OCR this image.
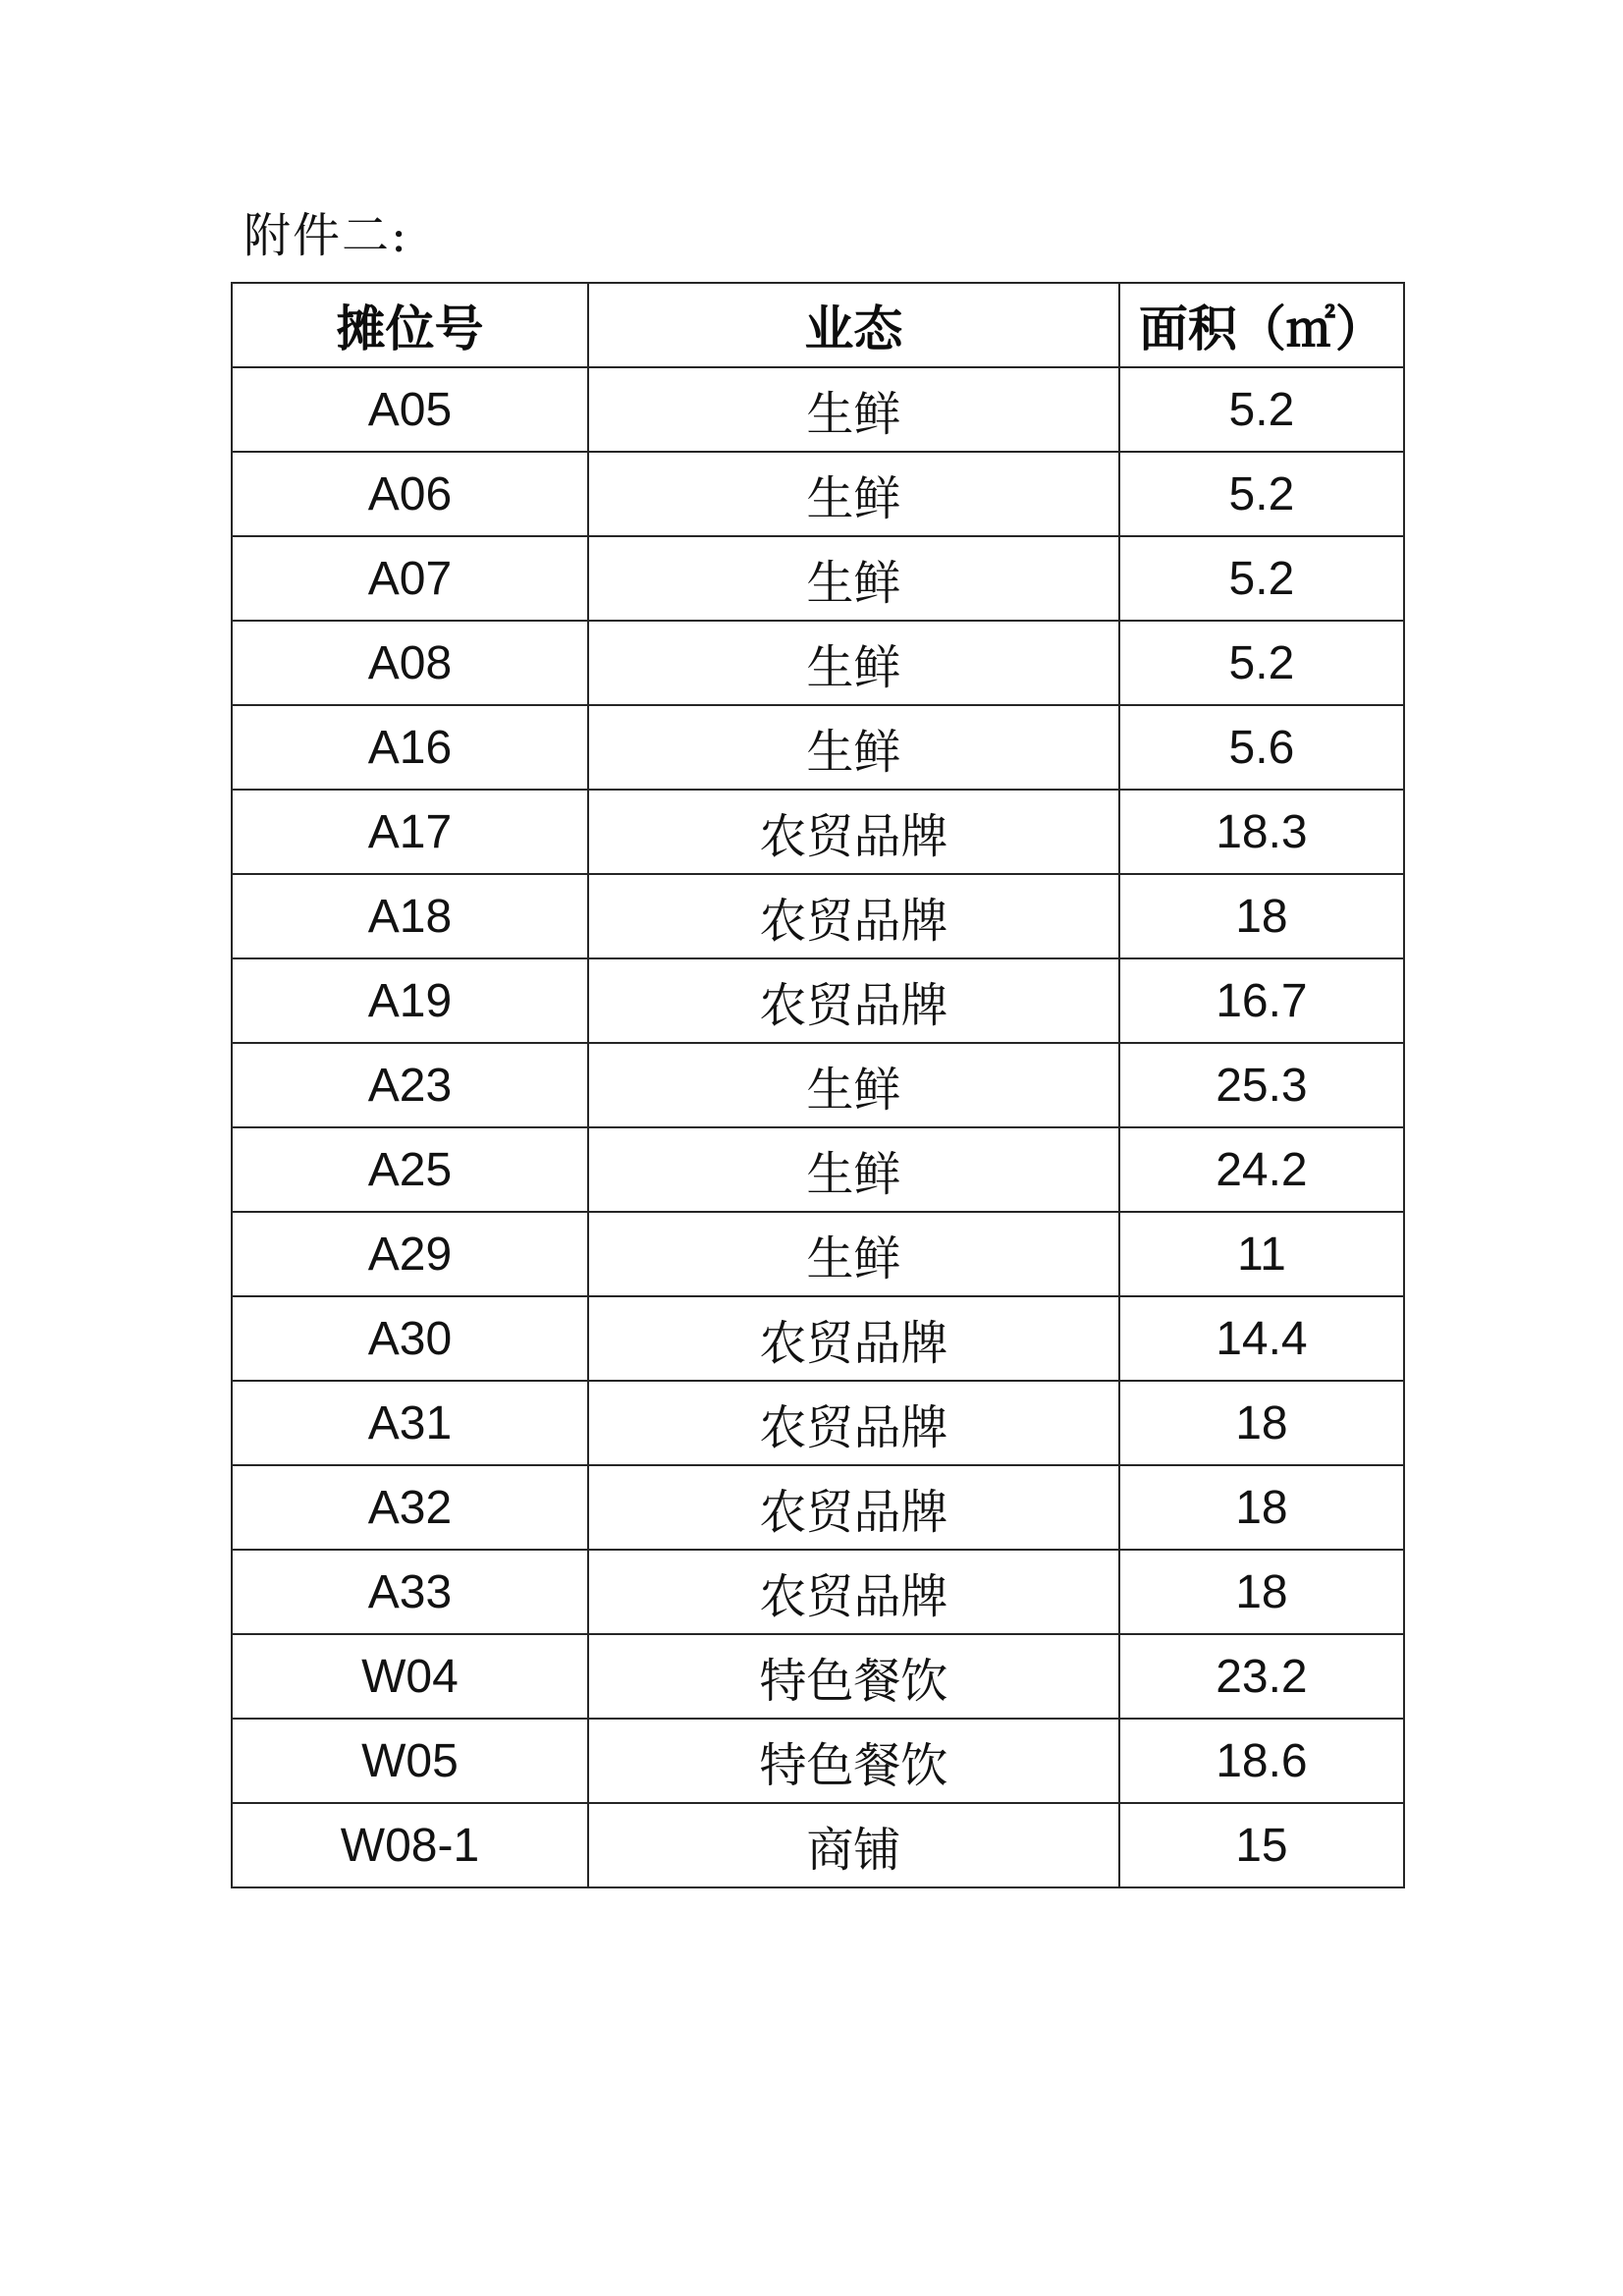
附件二:
摊位号	业态	面积（㎡）
A05	生鲜	5.2
A06	生鲜	5.2
A07	生鲜	5.2
A08	生鲜	5.2
A16	生鲜	5.6
A17	农贸品牌	18.3
A18	农贸品牌	18
A19	农贸品牌	16.7
A23	生鲜	25.3
A25	生鲜	24.2
A29	生鲜	11
A30	农贸品牌	14.4
A31	农贸品牌	18
A32	农贸品牌	18
A33	农贸品牌	18
W04	特色餐饮	23.2
W05	特色餐饮	18.6
W08-1	商铺	15
